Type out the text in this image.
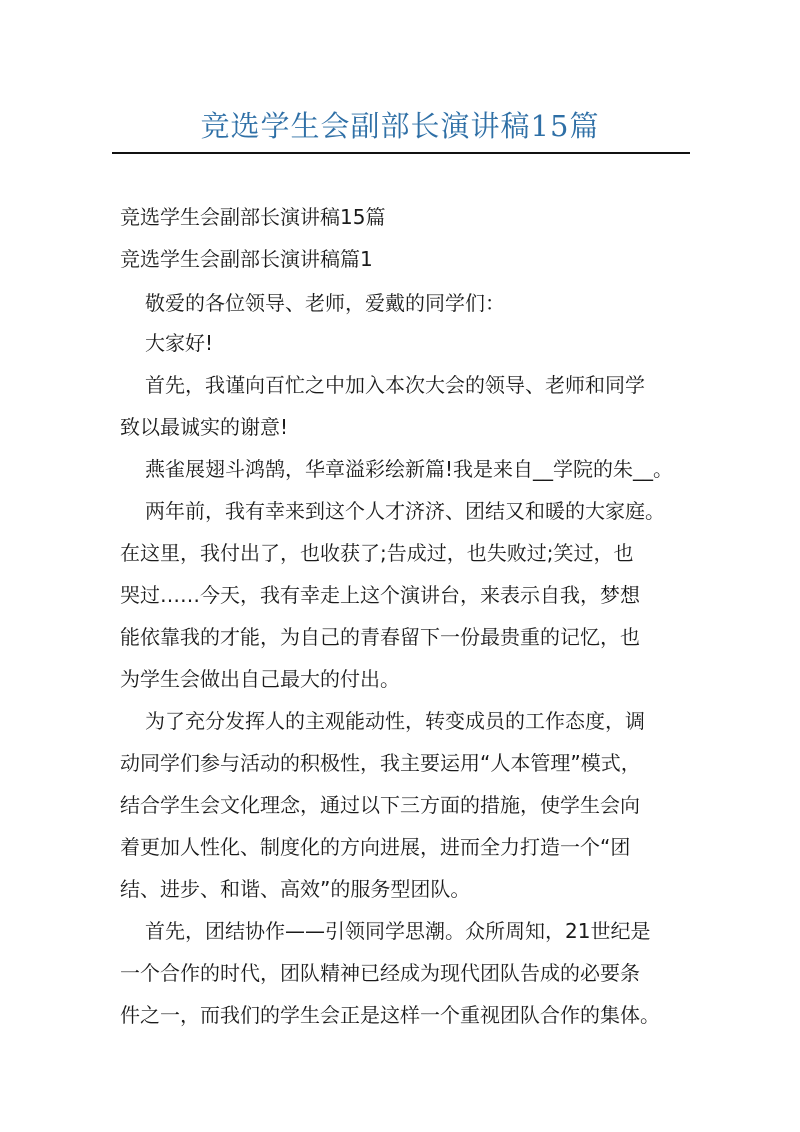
竞选学生会副部长演讲稿15篇
竞选学生会副部长演讲稿15篇
竞选学生会副部长演讲稿篇1
敬爱的各位领导、老师，爱戴的同学们：
大家好!
首先，我谨向百忙之中加入本次大会的领导、老师和同学
致以最诚实的谢意!
燕雀展翅斗鸿鹄，华章溢彩绘新篇!我是来自__学院的朱__。
两年前，我有幸来到这个人才济济、团结又和暖的大家庭。
在这里，我付出了，也收获了;告成过，也失败过;笑过，也
哭过……今天，我有幸走上这个演讲台，来表示自我，梦想
能依靠我的才能，为自己的青春留下一份最贵重的记忆，也
为学生会做出自己最大的付出。
为了充分发挥人的主观能动性，转变成员的工作态度，调
动同学们参与活动的积极性，我主要运用“人本管理”模式，
结合学生会文化理念，通过以下三方面的措施，使学生会向
着更加人性化、制度化的方向进展，进而全力打造一个“团
结、进步、和谐、高效”的服务型团队。
首先，团结协作——引领同学思潮。众所周知，21世纪是
一个合作的时代，团队精神已经成为现代团队告成的必要条
件之一，而我们的学生会正是这样一个重视团队合作的集体。
